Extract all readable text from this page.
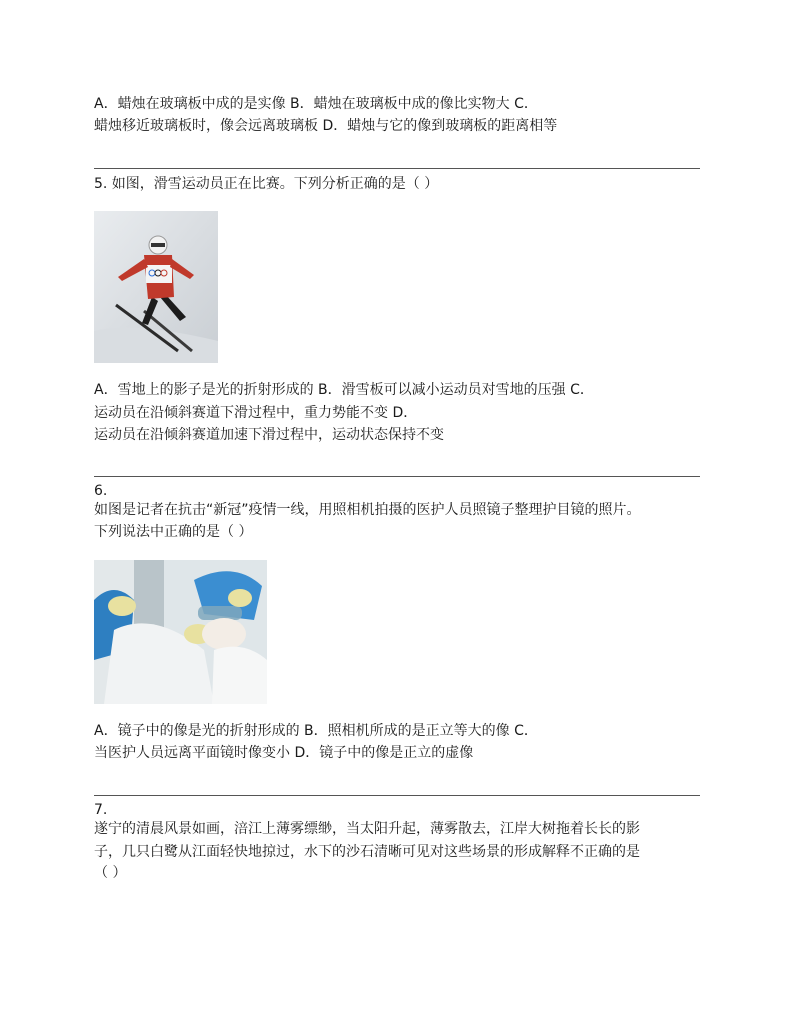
A．蜡烛在玻璃板中成的是实像 B．蜡烛在玻璃板中成的像比实物大 C．
蜡烛移近玻璃板时，像会远离玻璃板 D．蜡烛与它的像到玻璃板的距离相等
5. 如图，滑雪运动员正在比赛。下列分析正确的是（ ）
A．雪地上的影子是光的折射形成的 B．滑雪板可以减小运动员对雪地的压强 C．
运动员在沿倾斜赛道下滑过程中，重力势能不变 D．
运动员在沿倾斜赛道加速下滑过程中，运动状态保持不变
6.
如图是记者在抗击“新冠”疫情一线，用照相机拍摄的医护人员照镜子整理护目镜的照片。
下列说法中正确的是（ ）
A．镜子中的像是光的折射形成的 B．照相机所成的是正立等大的像 C．
当医护人员远离平面镜时像变小 D．镜子中的像是正立的虚像
7.
遂宁的清晨风景如画，涪江上薄雾缥缈，当太阳升起，薄雾散去，江岸大树拖着长长的影
子，几只白鹭从江面轻快地掠过，水下的沙石清晰可见对这些场景的形成解释不正确的是
（ ）
